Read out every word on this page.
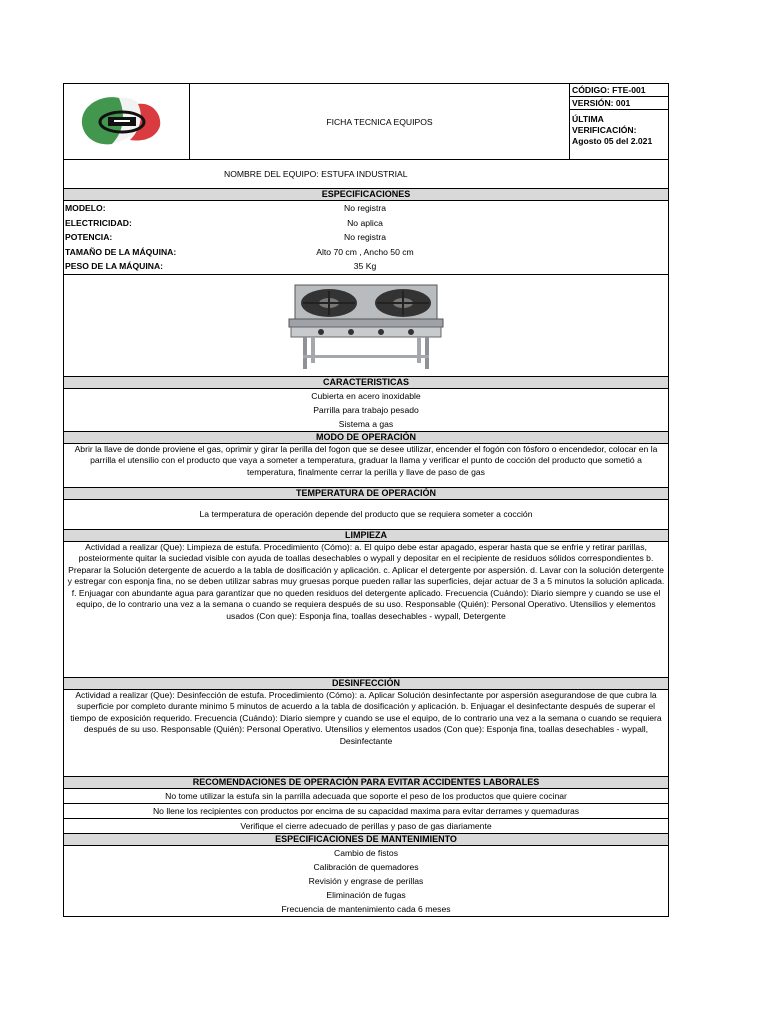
FICHA TECNICA EQUIPOS
CÓDIGO: FTE-001
VERSIÓN: 001
ÚLTIMA VERIFICACIÓN:
Agosto 05 del 2.021
NOMBRE DEL EQUIPO: ESTUFA INDUSTRIAL
ESPECIFICACIONES
MODELO:	No registra
ELECTRICIDAD:	No aplica
POTENCIA:	No registra
TAMAÑO DE LA MÁQUINA:	Alto 70 cm , Ancho 50 cm
PESO DE LA MÁQUINA:	35 Kg
CARACTERISTICAS
Cubierta en acero inoxidable
Parrilla para trabajo pesado
Sistema a gas
MODO DE OPERACIÓN
Abrir la llave de donde proviene el gas, oprimir y girar la perilla del fogon que se desee utilizar, encender el fogón con fósforo o encendedor, colocar en la parrilla el utensilio con el producto que vaya a someter a temperatura, graduar la llama y verificar el punto de cocción del producto que sometió a temperatura, finalmente cerrar la perilla y llave de paso de gas
TEMPERATURA DE OPERACIÓN
La termperatura de operación depende del producto que se requiera someter a cocción
LIMPIEZA
Actividad a realizar (Que): Limpieza de estufa. Procedimiento (Cómo): a. El quipo debe estar apagado, esperar hasta que se enfrie y retirar parillas, posteiormente quitar la suciedad visible con ayuda de toallas desechables o wypall y depositar en el recipiente de residuos sólidos correspondientes b. Preparar la Solución detergente de acuerdo a la tabla de dosificación y aplicación. c. Aplicar el detergente por aspersión. d. Lavar con la solución detergente y estregar con esponja fina, no se deben utilizar sabras muy gruesas porque pueden rallar las superficies, dejar actuar de 3 a 5 minutos la solución aplicada. f. Enjuagar con abundante agua para garantizar que no queden residuos del detergente aplicado. Frecuencia (Cuándo): Diario siempre y cuando se use el equipo, de lo contrario una vez a la semana o cuando se requiera después de su uso. Responsable (Quién): Personal Operativo. Utensilios y elementos usados (Con que): Esponja fina, toallas desechables - wypall, Detergente
DESINFECCIÓN
Actividad a realizar (Que): Desinfección de estufa. Procedimiento (Cómo): a. Aplicar Solución desinfectante por aspersión asegurandose de que cubra la superficie por completo durante minimo 5 minutos de acuerdo a la tabla de dosificación y aplicación. b. Enjuagar el desinfectante después de superar el tiempo de exposición requerido. Frecuencia (Cuándo): Diario siempre y cuando se use el equipo, de lo contrario una vez a la semana o cuando se requiera después de su uso. Responsable (Quién): Personal Operativo. Utensilios y elementos usados (Con que): Esponja fina, toallas desechables - wypall, Desinfectante
RECOMENDACIONES DE OPERACIÓN PARA EVITAR ACCIDENTES LABORALES
No tome utilizar la estufa sin la parrilla adecuada que soporte el peso de los productos que quiere cocinar
No llene los recipientes con productos por encima de su capacidad maxima para evitar derrames y quemaduras
Verifique el cierre adecuado de perillas y paso de gas diariamente
ESPECIFICACIONES DE MANTENIMIENTO
Cambio de fistos
Calibración de quemadores
Revisión y engrase de perillas
Eliminación de fugas
Frecuencia de mantenimiento cada 6 meses
